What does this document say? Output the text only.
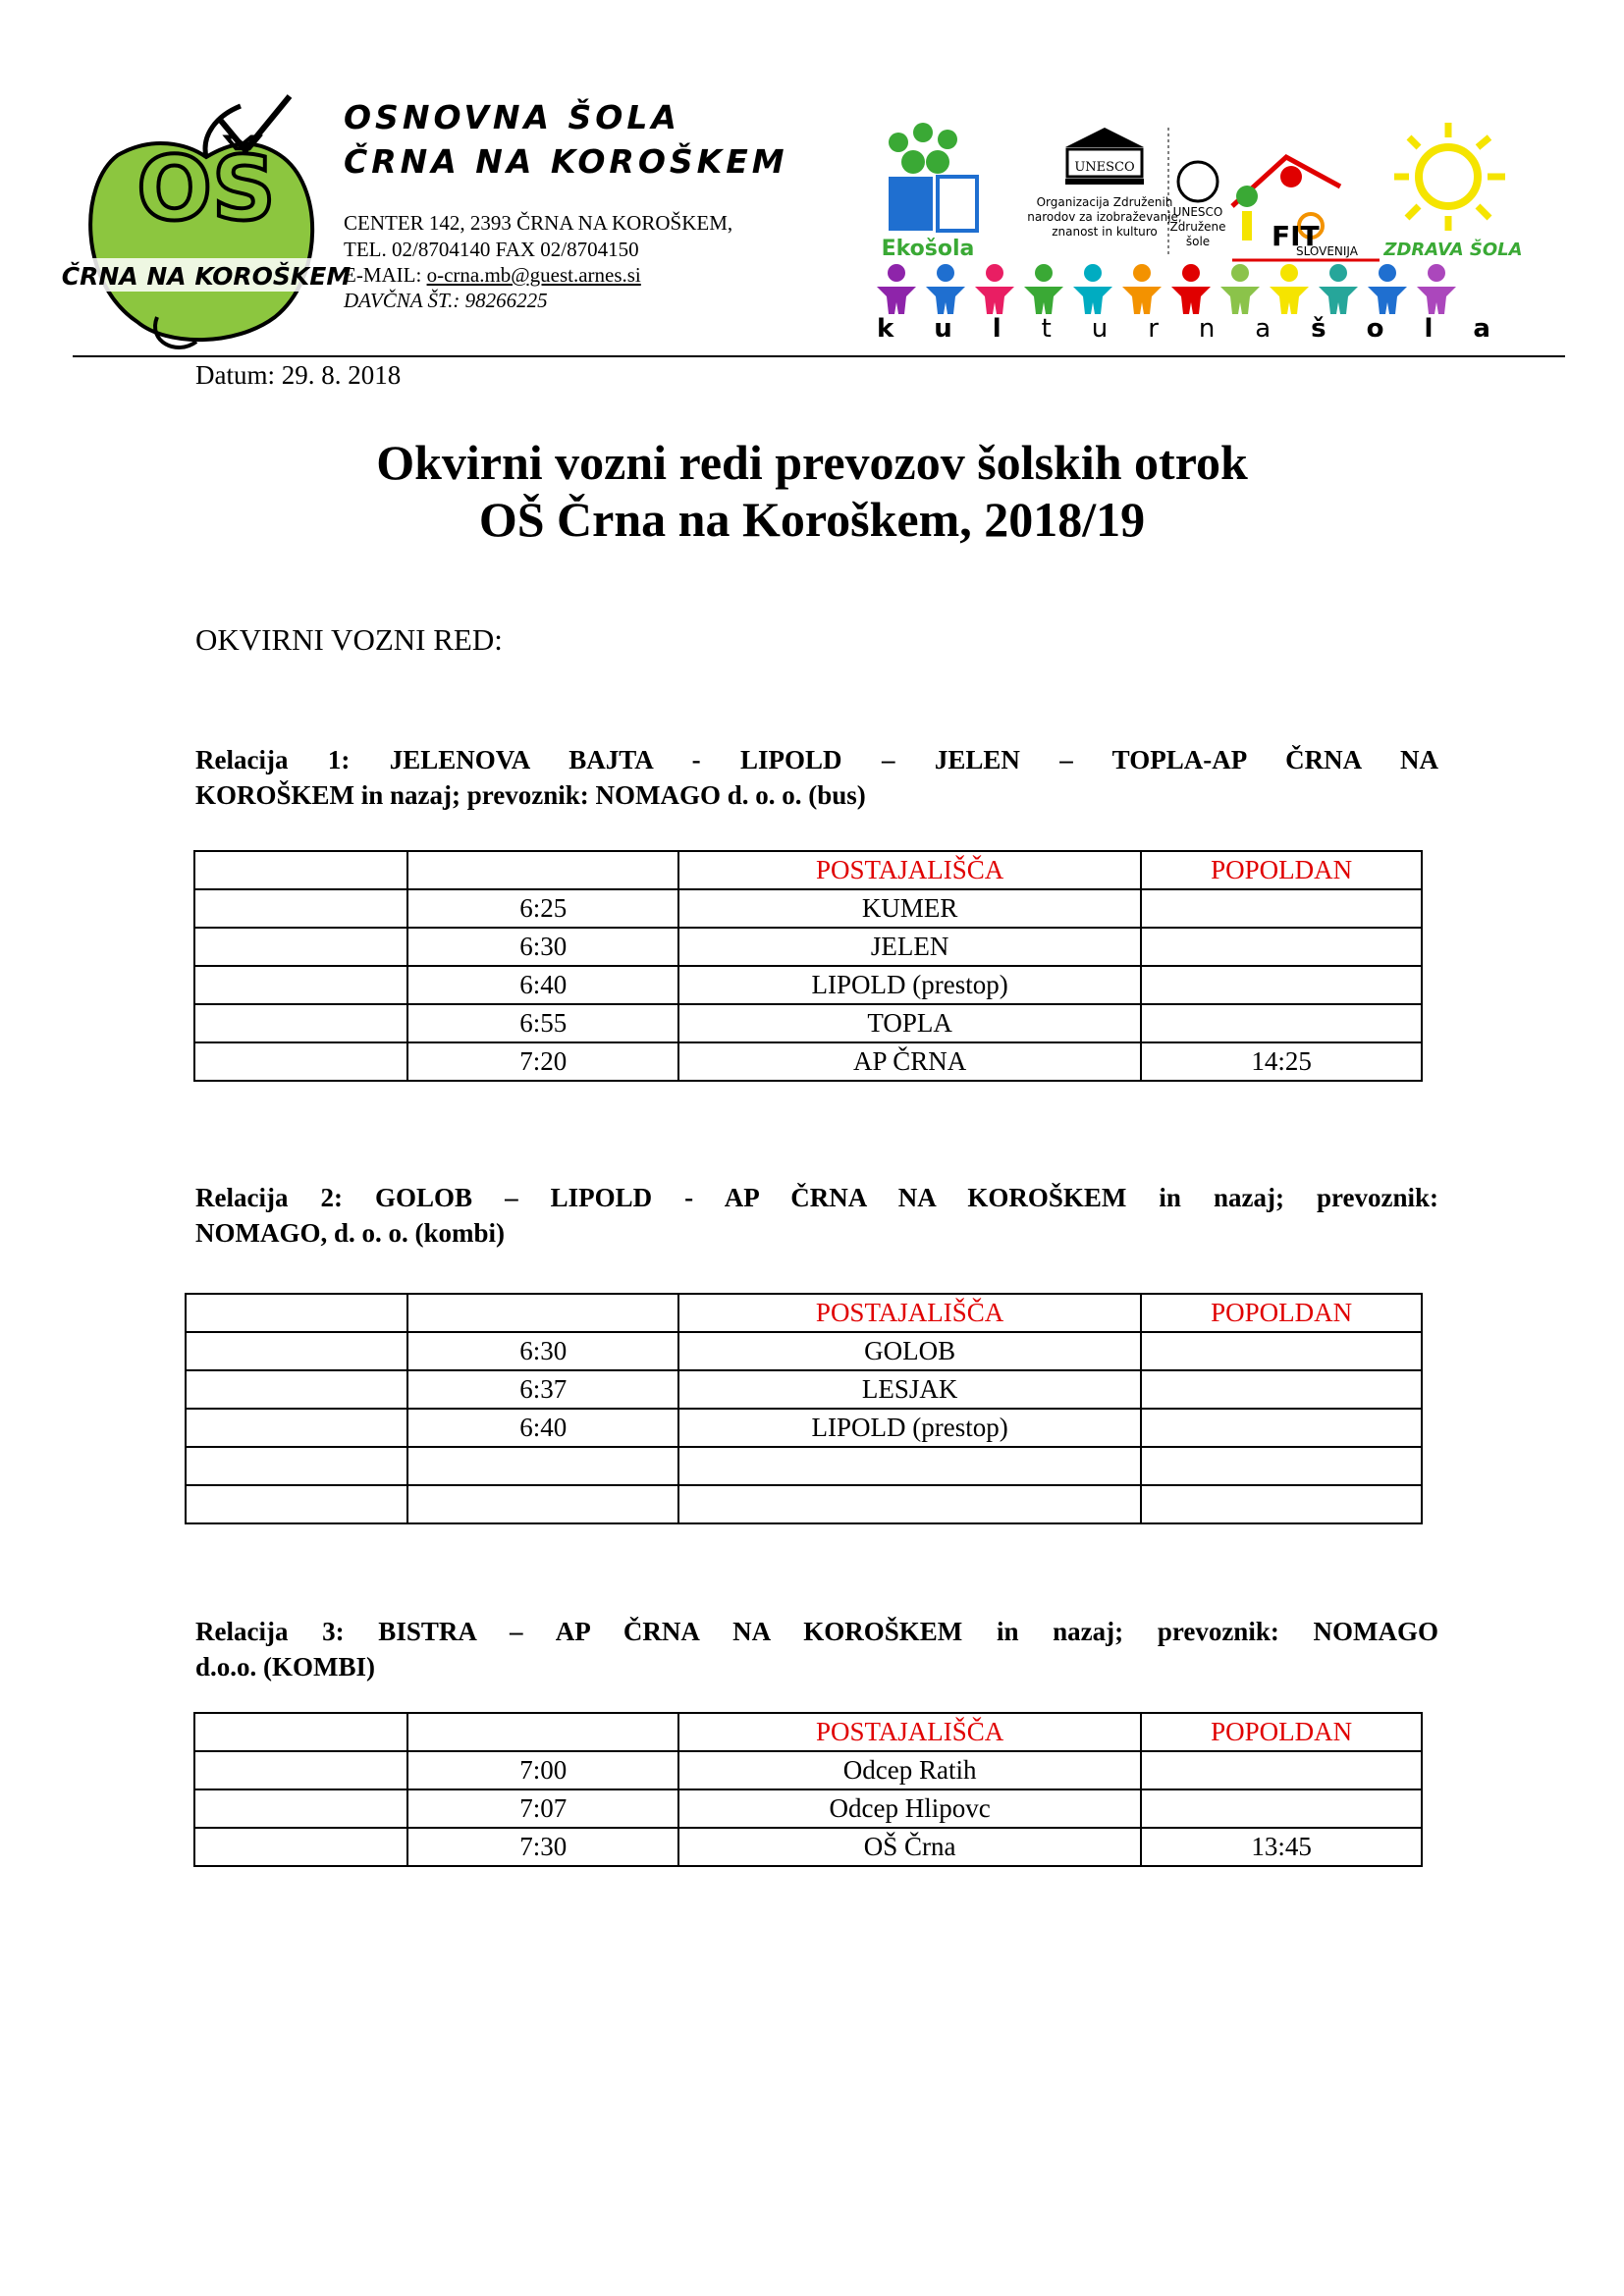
OŠ
ČRNA NA KOROŠKEM
OSNOVNA ŠOLA
ČRNA NA KOROŠKEM
CENTER 142, 2393 ČRNA NA KOROŠKEM,
TEL. 02/8704140 FAX 02/8704150
E-MAIL: o-crna.mb@guest.arnes.si
DAVČNA ŠT.: 98266225
Ekošola
UNESCO
Organizacija Združenih
narodov za izobraževanje,
znanost in kulturo
UNESCO
Združene
šole FIT
SLOVENIJA ZDRAVA ŠOLA
k u l t u r n a š o l a
Datum: 29. 8. 2018
Okvirni vozni redi prevozov šolskih otrok
OŠ Črna na Koroškem, 2018/19
OKVIRNI VOZNI RED:
Relacija 1: JELENOVA BAJTA - LIPOLD – JELEN – TOPLA-AP ČRNA NA
KOROŠKEM in nazaj; prevoznik: NOMAGO d. o. o. (bus)
		POSTAJALIŠČA	POPOLDAN
	6:25	KUMER	
	6:30	JELEN	
	6:40	LIPOLD (prestop)	
	6:55	TOPLA	
	7:20	AP ČRNA	14:25
Relacija 2: GOLOB – LIPOLD - AP ČRNA NA KOROŠKEM in nazaj; prevoznik:
NOMAGO, d. o. o. (kombi)
		POSTAJALIŠČA	POPOLDAN
	6:30	GOLOB	
	6:37	LESJAK	
	6:40	LIPOLD (prestop)	

Relacija 3: BISTRA – AP ČRNA NA KOROŠKEM in nazaj; prevoznik: NOMAGO
d.o.o. (KOMBI)
		POSTAJALIŠČA	POPOLDAN
	7:00	Odcep Ratih	
	7:07	Odcep Hlipovc	
	7:30	OŠ Črna	13:45
